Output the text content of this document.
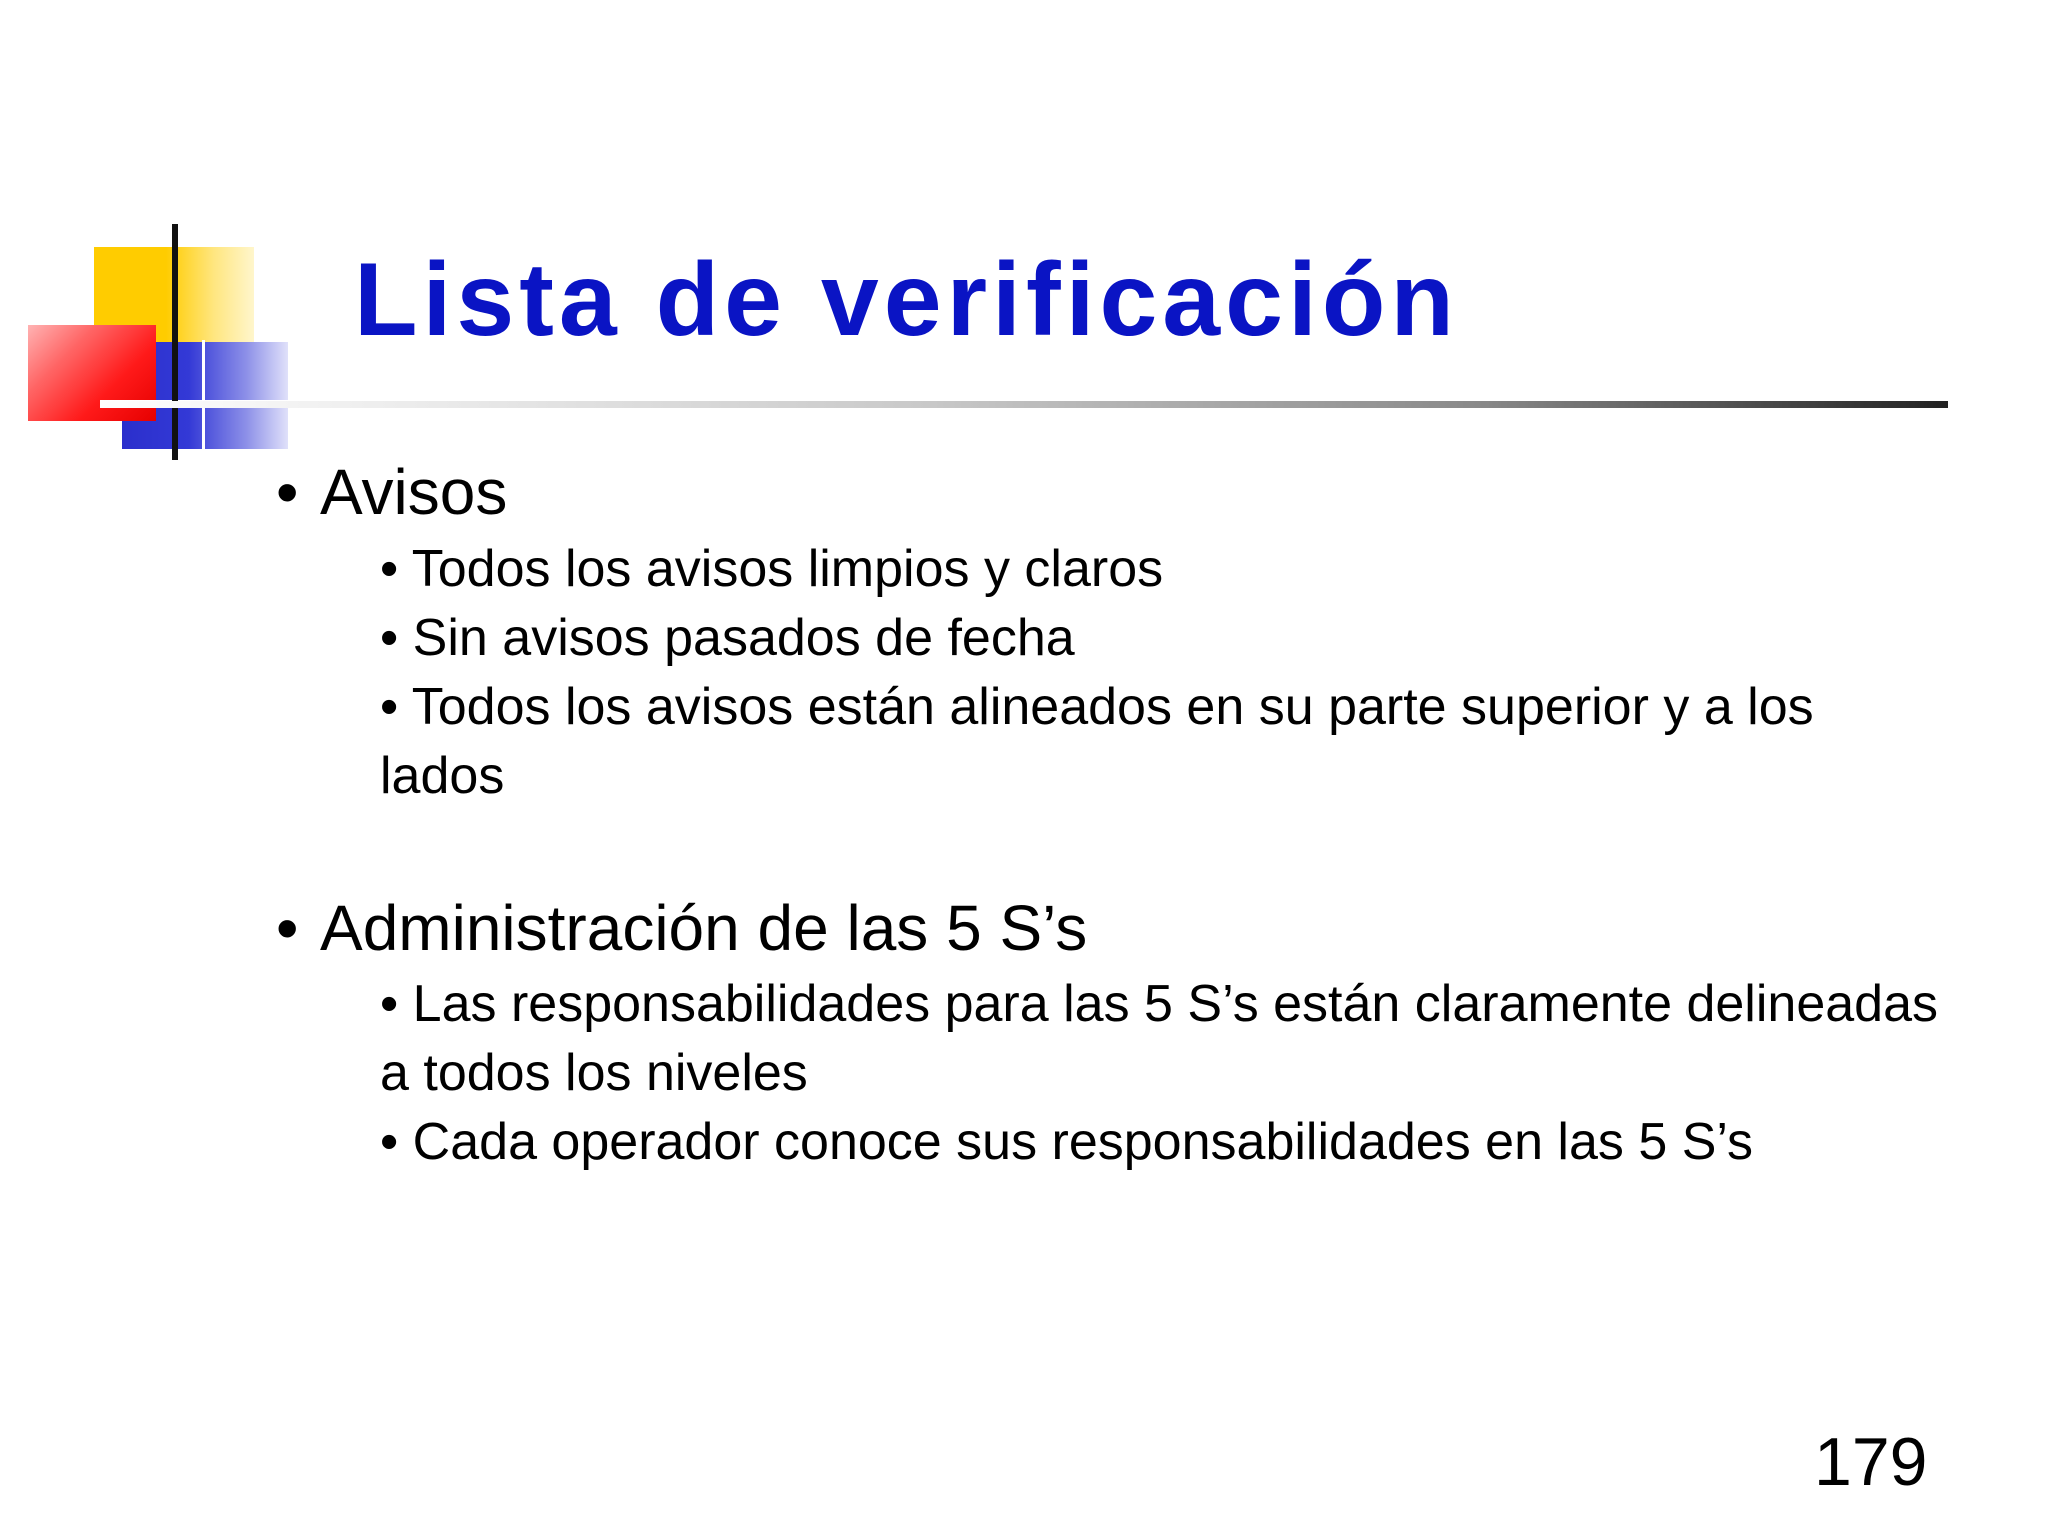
Lista de verificación
• Avisos
• Todos los avisos limpios y claros
• Sin avisos pasados de fecha
• Todos los avisos están alineados en su parte superior y a los lados
• Administración de las 5 S’s
• Las responsabilidades para las 5 S’s están claramente delineadas a todos los niveles
• Cada operador conoce sus responsabilidades en las 5 S’s
179
